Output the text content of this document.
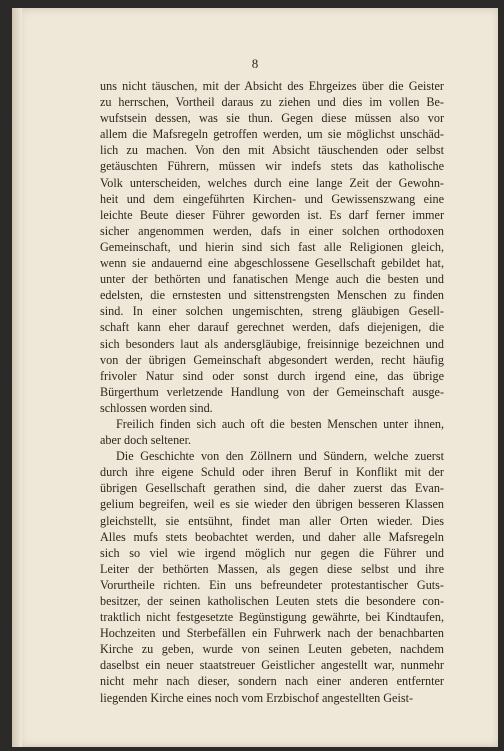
8
uns nicht täuschen, mit der Absicht des Ehrgeizes über die Geister
zu herrschen, Vortheil daraus zu ziehen und dies im vollen Be-
wufstsein dessen, was sie thun. Gegen diese müssen also vor
allem die Mafsregeln getroffen werden, um sie möglichst unschäd-
lich zu machen. Von den mit Absicht täuschenden oder selbst
getäuschten Führern, müssen wir indefs stets das katholische
Volk unterscheiden, welches durch eine lange Zeit der Gewohn-
heit und dem eingeführten Kirchen- und Gewissenszwang eine
leichte Beute dieser Führer geworden ist. Es darf ferner immer
sicher angenommen werden, dafs in einer solchen orthodoxen
Gemeinschaft, und hierin sind sich fast alle Religionen gleich,
wenn sie andauernd eine abgeschlossene Gesellschaft gebildet hat,
unter der bethörten und fanatischen Menge auch die besten und
edelsten, die ernstesten und sittenstrengsten Menschen zu finden
sind. In einer solchen ungemischten, streng gläubigen Gesell-
schaft kann eher darauf gerechnet werden, dafs diejenigen, die
sich besonders laut als andersgläubige, freisinnige bezeichnen und
von der übrigen Gemeinschaft abgesondert werden, recht häufig
frivoler Natur sind oder sonst durch irgend eine, das übrige
Bürgerthum verletzende Handlung von der Gemeinschaft ausge-
schlossen worden sind.
Freilich finden sich auch oft die besten Menschen unter ihnen,
aber doch seltener.
Die Geschichte von den Zöllnern und Sündern, welche zuerst
durch ihre eigene Schuld oder ihren Beruf in Konflikt mit der
übrigen Gesellschaft gerathen sind, die daher zuerst das Evan-
gelium begreifen, weil es sie wieder den übrigen besseren Klassen
gleichstellt, sie entsühnt, findet man aller Orten wieder. Dies
Alles mufs stets beobachtet werden, und daher alle Mafsregeln
sich so viel wie irgend möglich nur gegen die Führer und
Leiter der bethörten Massen, als gegen diese selbst und ihre
Vorurtheile richten. Ein uns befreundeter protestantischer Guts-
besitzer, der seinen katholischen Leuten stets die besondere con-
traktlich nicht festgesetzte Begünstigung gewährte, bei Kindtaufen,
Hochzeiten und Sterbefällen ein Fuhrwerk nach der benachbarten
Kirche zu geben, wurde von seinen Leuten gebeten, nachdem
daselbst ein neuer staatstreuer Geistlicher angestellt war, nunmehr
nicht mehr nach dieser, sondern nach einer anderen entfernter
liegenden Kirche eines noch vom Erzbischof angestellten Geist-
